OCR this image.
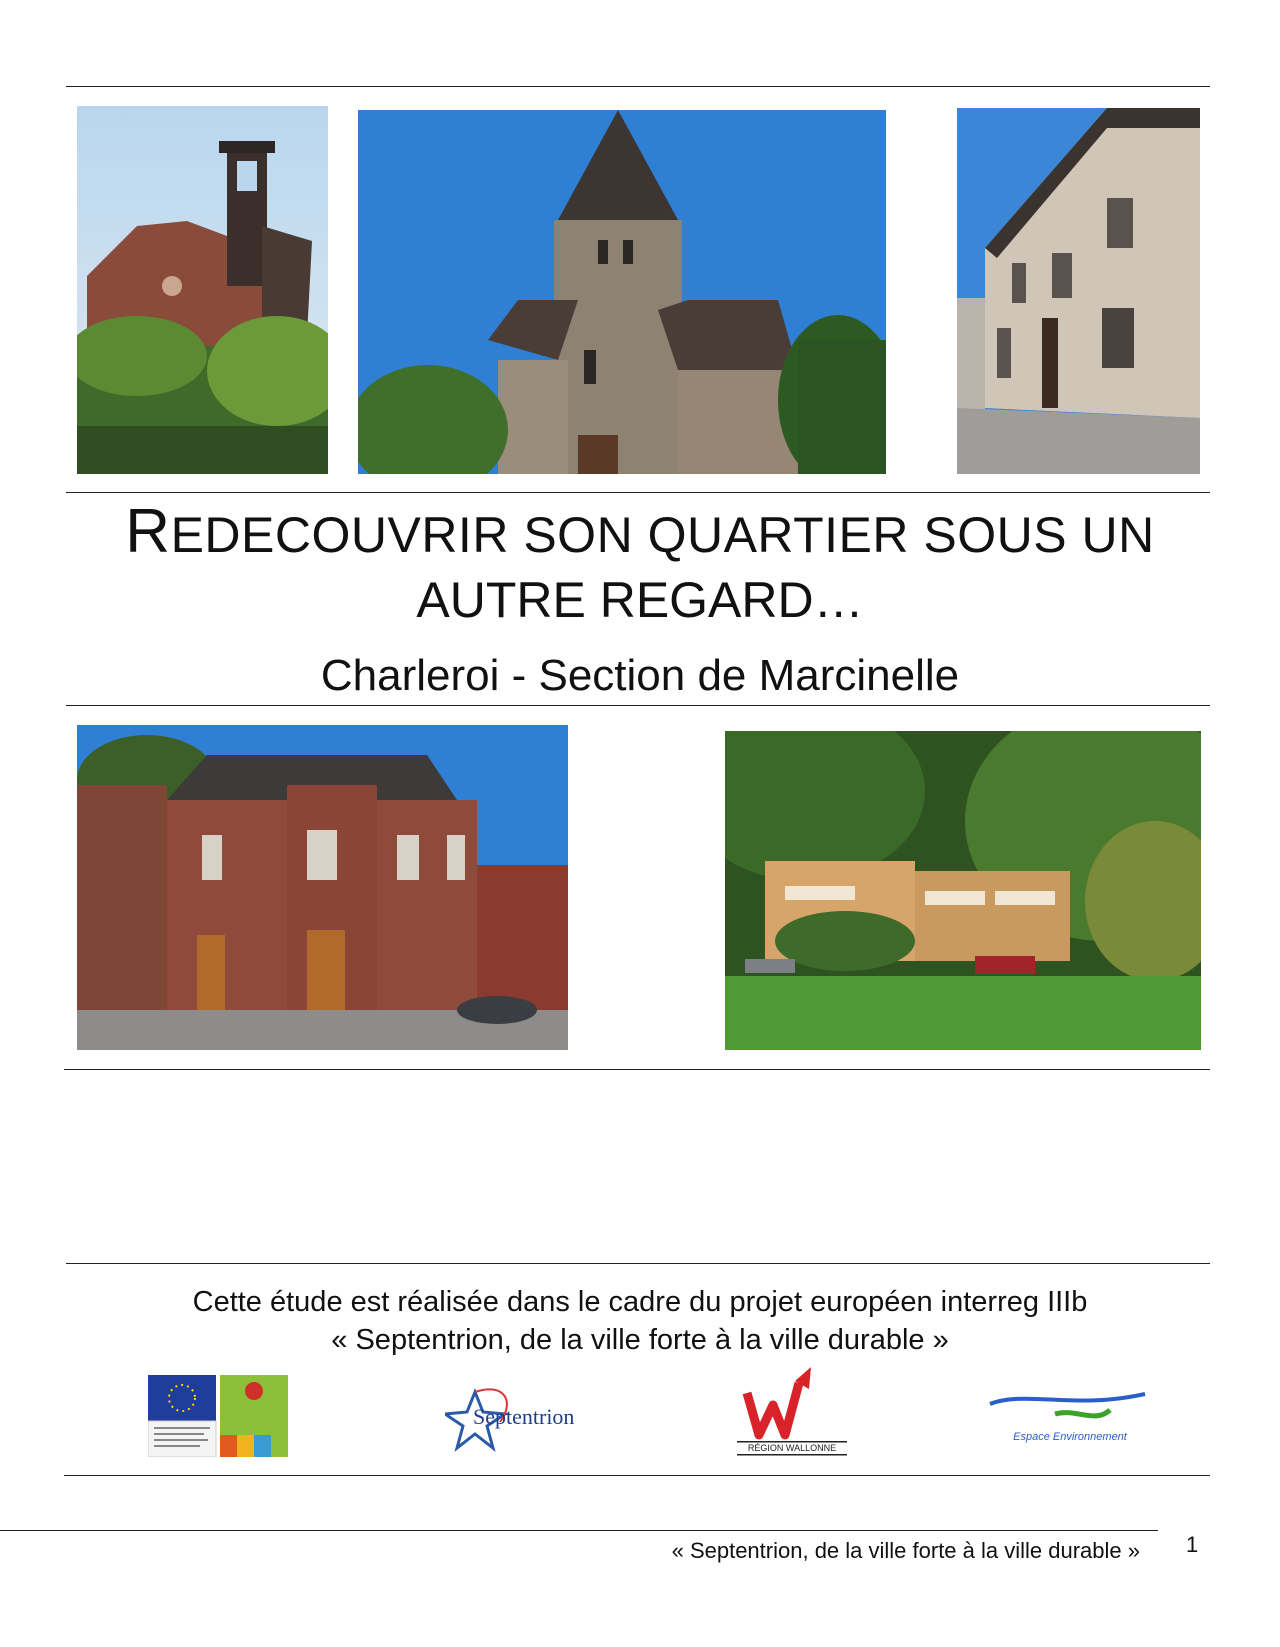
REDECOUVRIR SON QUARTIER SOUS UN
AUTRE REGARD…
Charleroi - Section de Marcinelle
Cette étude est réalisée dans le cadre du projet européen interreg IIIb
« Septentrion, de la ville forte à la ville durable »
Septentrion
RÉGION WALLONNE
Espace Environnement
« Septentrion, de la ville forte à la ville durable » 1
